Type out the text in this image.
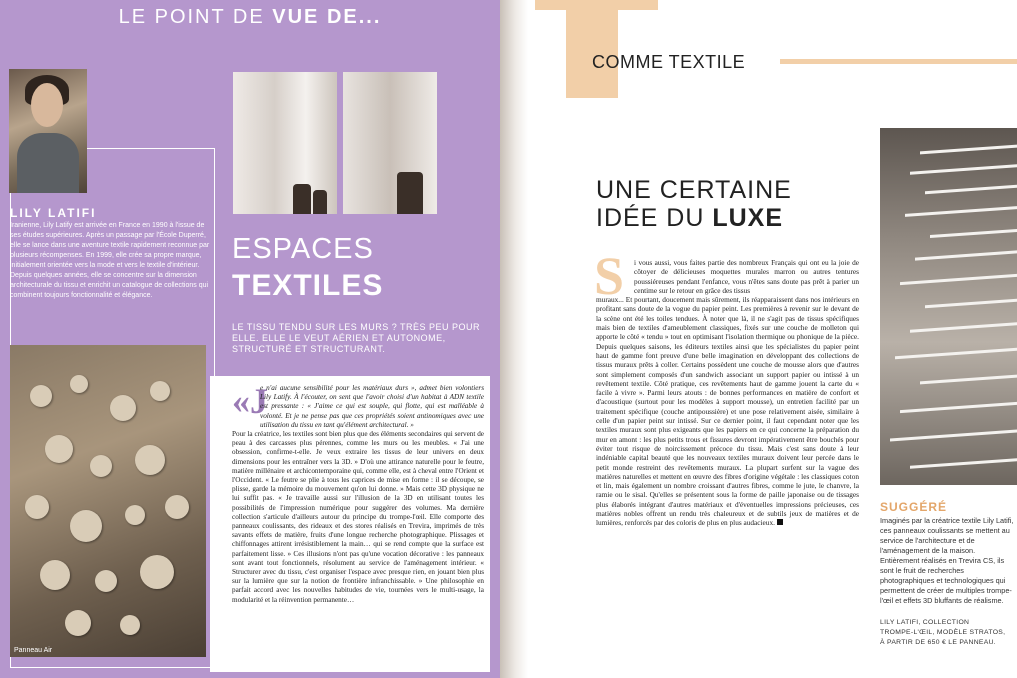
LE POINT DE VUE DE...
LILY LATIFI
Iranienne, Lily Latify est arrivée en France en 1990 à l'issue de ses études supérieures. Après un passage par l'École Duperré, elle se lance dans une aventure textile rapidement reconnue par plusieurs récompenses. En 1999, elle crée sa propre marque, initialement orientée vers la mode et vers le textile d'intérieur. Depuis quelques années, elle se concentre sur la dimension architecturale du tissu et enrichit un catalogue de collections qui combinent toujours fonctionnalité et élégance.
Panneau Air
ESPACES
TEXTILES
LE TISSU TENDU SUR LES MURS ? TRÈS PEU POUR ELLE. ELLE LE VEUT AÉRIEN ET AUTONOME, STRUCTURÉ ET STRUCTURANT.
«J
e n'ai aucune sensibilité pour les matériaux durs », admet bien volontiers Lily Latify. À l'écouter, on sent que l'avoir choisi d'un habitat à ADN textile est pressante : « J'aime ce qui est souple, qui flotte, qui est malléable à volonté. Et je ne pense pas que ces propriétés soient antinomiques avec une utilisation du tissu en tant qu'élément architectural. »
Pour la créatrice, les textiles sont bien plus que des éléments secondaires qui servent de peau à des carcasses plus pérennes, comme les murs ou les meubles. « J'ai une obsession, confirme-t-elle. Je veux extraire les tissus de leur univers en deux dimensions pour les entraîner vers la 3D. » D'où une attirance naturelle pour le feutre, matière millénaire et archicontemporaine qui, comme elle, est à cheval entre l'Orient et l'Occident. « Le feutre se plie à tous les caprices de mise en forme : il se découpe, se plisse, garde la mémoire du mouvement qu'on lui donne. » Mais cette 3D physique ne lui suffit pas. « Je travaille aussi sur l'illusion de la 3D en utilisant toutes les possibilités de l'impression numérique pour suggérer des volumes. Ma dernière collection s'articule d'ailleurs autour du principe du trompe-l'œil. Elle comporte des panneaux coulissants, des rideaux et des stores réalisés en Trevira, imprimés de très savants effets de matière, fruits d'une longue recherche photographique. Plissages et chiffonnages attirent irrésistiblement la main… qui se rend compte que la surface est parfaitement lisse. » Ces illusions n'ont pas qu'une vocation décorative : les panneaux sont avant tout fonctionnels, résolument au service de l'aménagement intérieur. « Structurer avec du tissu, c'est organiser l'espace avec presque rien, en jouant bien plus sur la lumière que sur la notion de frontière infranchissable. » Une philosophie en parfait accord avec les nouvelles habitudes de vie, tournées vers le multi-usage, la modularité et la réinvention permanente…
COMME TEXTILE
UNE CERTAINE
IDÉE DU LUXE
S	i vous aussi, vous faites partie des nombreux Français qui ont eu la joie de côtoyer de délicieuses moquettes murales marron ou autres tentures poussiéreuses pendant l'enfance, vous n'êtes sans doute pas prêt à parier un centime sur le retour en grâce des tissus
muraux... Et pourtant, doucement mais sûrement, ils réapparaissent dans nos intérieurs en profitant sans doute de la vogue du papier peint. Les premières à revenir sur le devant de la scène ont été les toiles tendues. À noter que là, il ne s'agit pas de tissus spécifiques mais bien de textiles d'ameublement classiques, fixés sur une couche de molleton qui apporte le côté « tendu » tout en optimisant l'isolation thermique ou phonique de la pièce. Depuis quelques saisons, les éditeurs textiles ainsi que les spécialistes du papier peint haut de gamme font preuve d'une belle imagination en développant des collections de tissus muraux prêts à coller. Certains possèdent une couche de mousse alors que d'autres sont simplement composés d'un sandwich associant un support papier ou intissé à un revêtement textile. Côté pratique, ces revêtements haut de gamme jouent la carte du « facile à vivre ». Parmi leurs atouts : de bonnes performances en matière de confort et d'acoustique (surtout pour les modèles à support mousse), un entretien facilité par un traitement spécifique (couche antipoussière) et une pose relativement aisée, similaire à celle d'un papier peint sur intissé. Sur ce dernier point, il faut cependant noter que les textiles muraux sont plus exigeants que les papiers en ce qui concerne la préparation du mur en amont : les plus petits trous et fissures devront impérativement être bouchés pour éviter tout risque de noircissement précoce du tissu. Mais c'est sans doute à leur indéniable capital beauté que les nouveaux textiles muraux doivent leur percée dans le petit monde restreint des revêtements muraux. La plupart surfent sur la vague des matières naturelles et mettent en œuvre des fibres d'origine végétale : les classiques coton et lin, mais également un nombre croissant d'autres fibres, comme le jute, le chanvre, la ramie ou le sisal. Qu'elles se présentent sous la forme de paille japonaise ou de tissages plus élaborés intégrant d'autres matériaux et d'éventuelles impressions précieuses, ces matières nobles offrent un rendu très chaleureux et de subtils jeux de matières et de lumières, renforcés par des coloris de plus en plus audacieux.
SUGGÉRÉ
Imaginés par la créatrice textile Lily Latifi, ces panneaux coulissants se mettent au service de l'architecture et de l'aménagement de la maison. Entièrement réalisés en Trevira CS, ils sont le fruit de recherches photographiques et technologiques qui permettent de créer de multiples trompe-l'œil et effets 3D bluffants de réalisme.
LILY LATIFI, COLLECTION
TROMPE-L'ŒIL, MODÈLE STRATOS,
À PARTIR DE 650 € LE PANNEAU.
